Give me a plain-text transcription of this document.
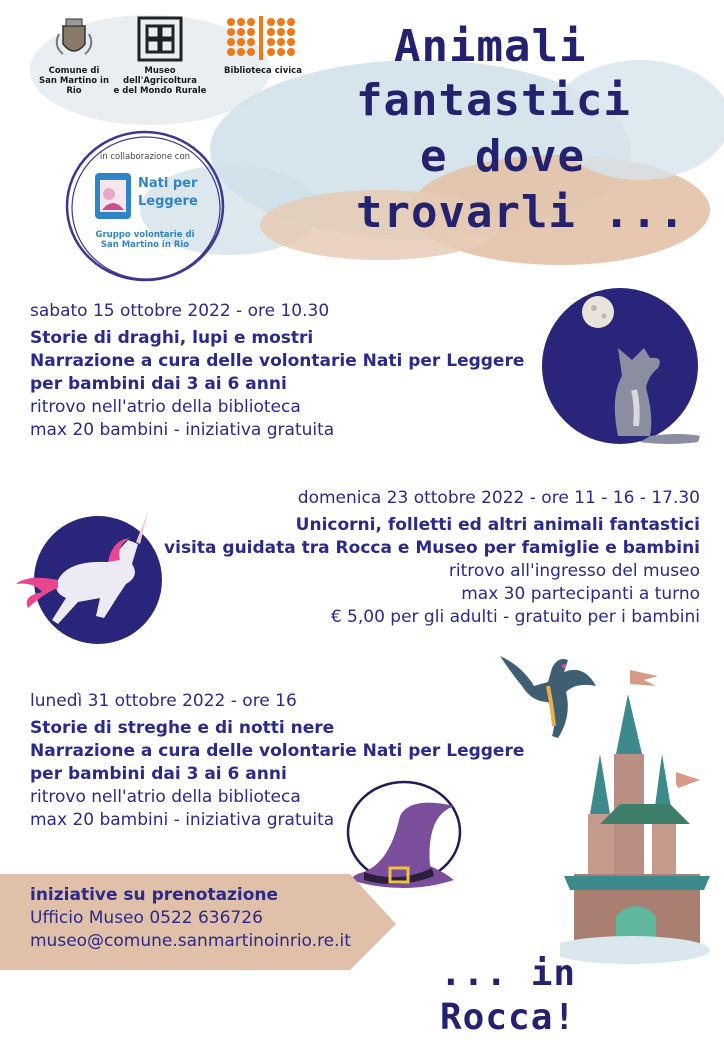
Comune di
San Martino in Rio
Museo dell'Agricoltura
e del Mondo Rurale
Biblioteca civica
in collaborazione con
Nati per
Leggere
Gruppo volontarie di
San Martino in Rio
Animali
fantastici
e dove
trovarli ...
sabato 15 ottobre 2022 - ore 10.30
Storie di draghi, lupi e mostri
Narrazione a cura delle volontarie Nati per Leggere
per bambini dai 3 ai 6 anni
ritrovo nell'atrio della biblioteca
max 20 bambini - iniziativa gratuita
domenica 23 ottobre 2022 - ore 11 - 16 - 17.30
Unicorni, folletti ed altri animali fantastici
visita guidata tra Rocca e Museo per famiglie e bambini
ritrovo all'ingresso del museo
max 30 partecipanti a turno
€ 5,00 per gli adulti - gratuito per i bambini
lunedì 31 ottobre 2022 - ore 16
Storie di streghe e di notti nere
Narrazione a cura delle volontarie Nati per Leggere
per bambini dai 3 ai 6 anni
ritrovo nell'atrio della biblioteca
max 20 bambini - iniziativa gratuita
iniziative su prenotazione
Ufficio Museo 0522 636726
museo@comune.sanmartinoinrio.re.it
... in Rocca!
